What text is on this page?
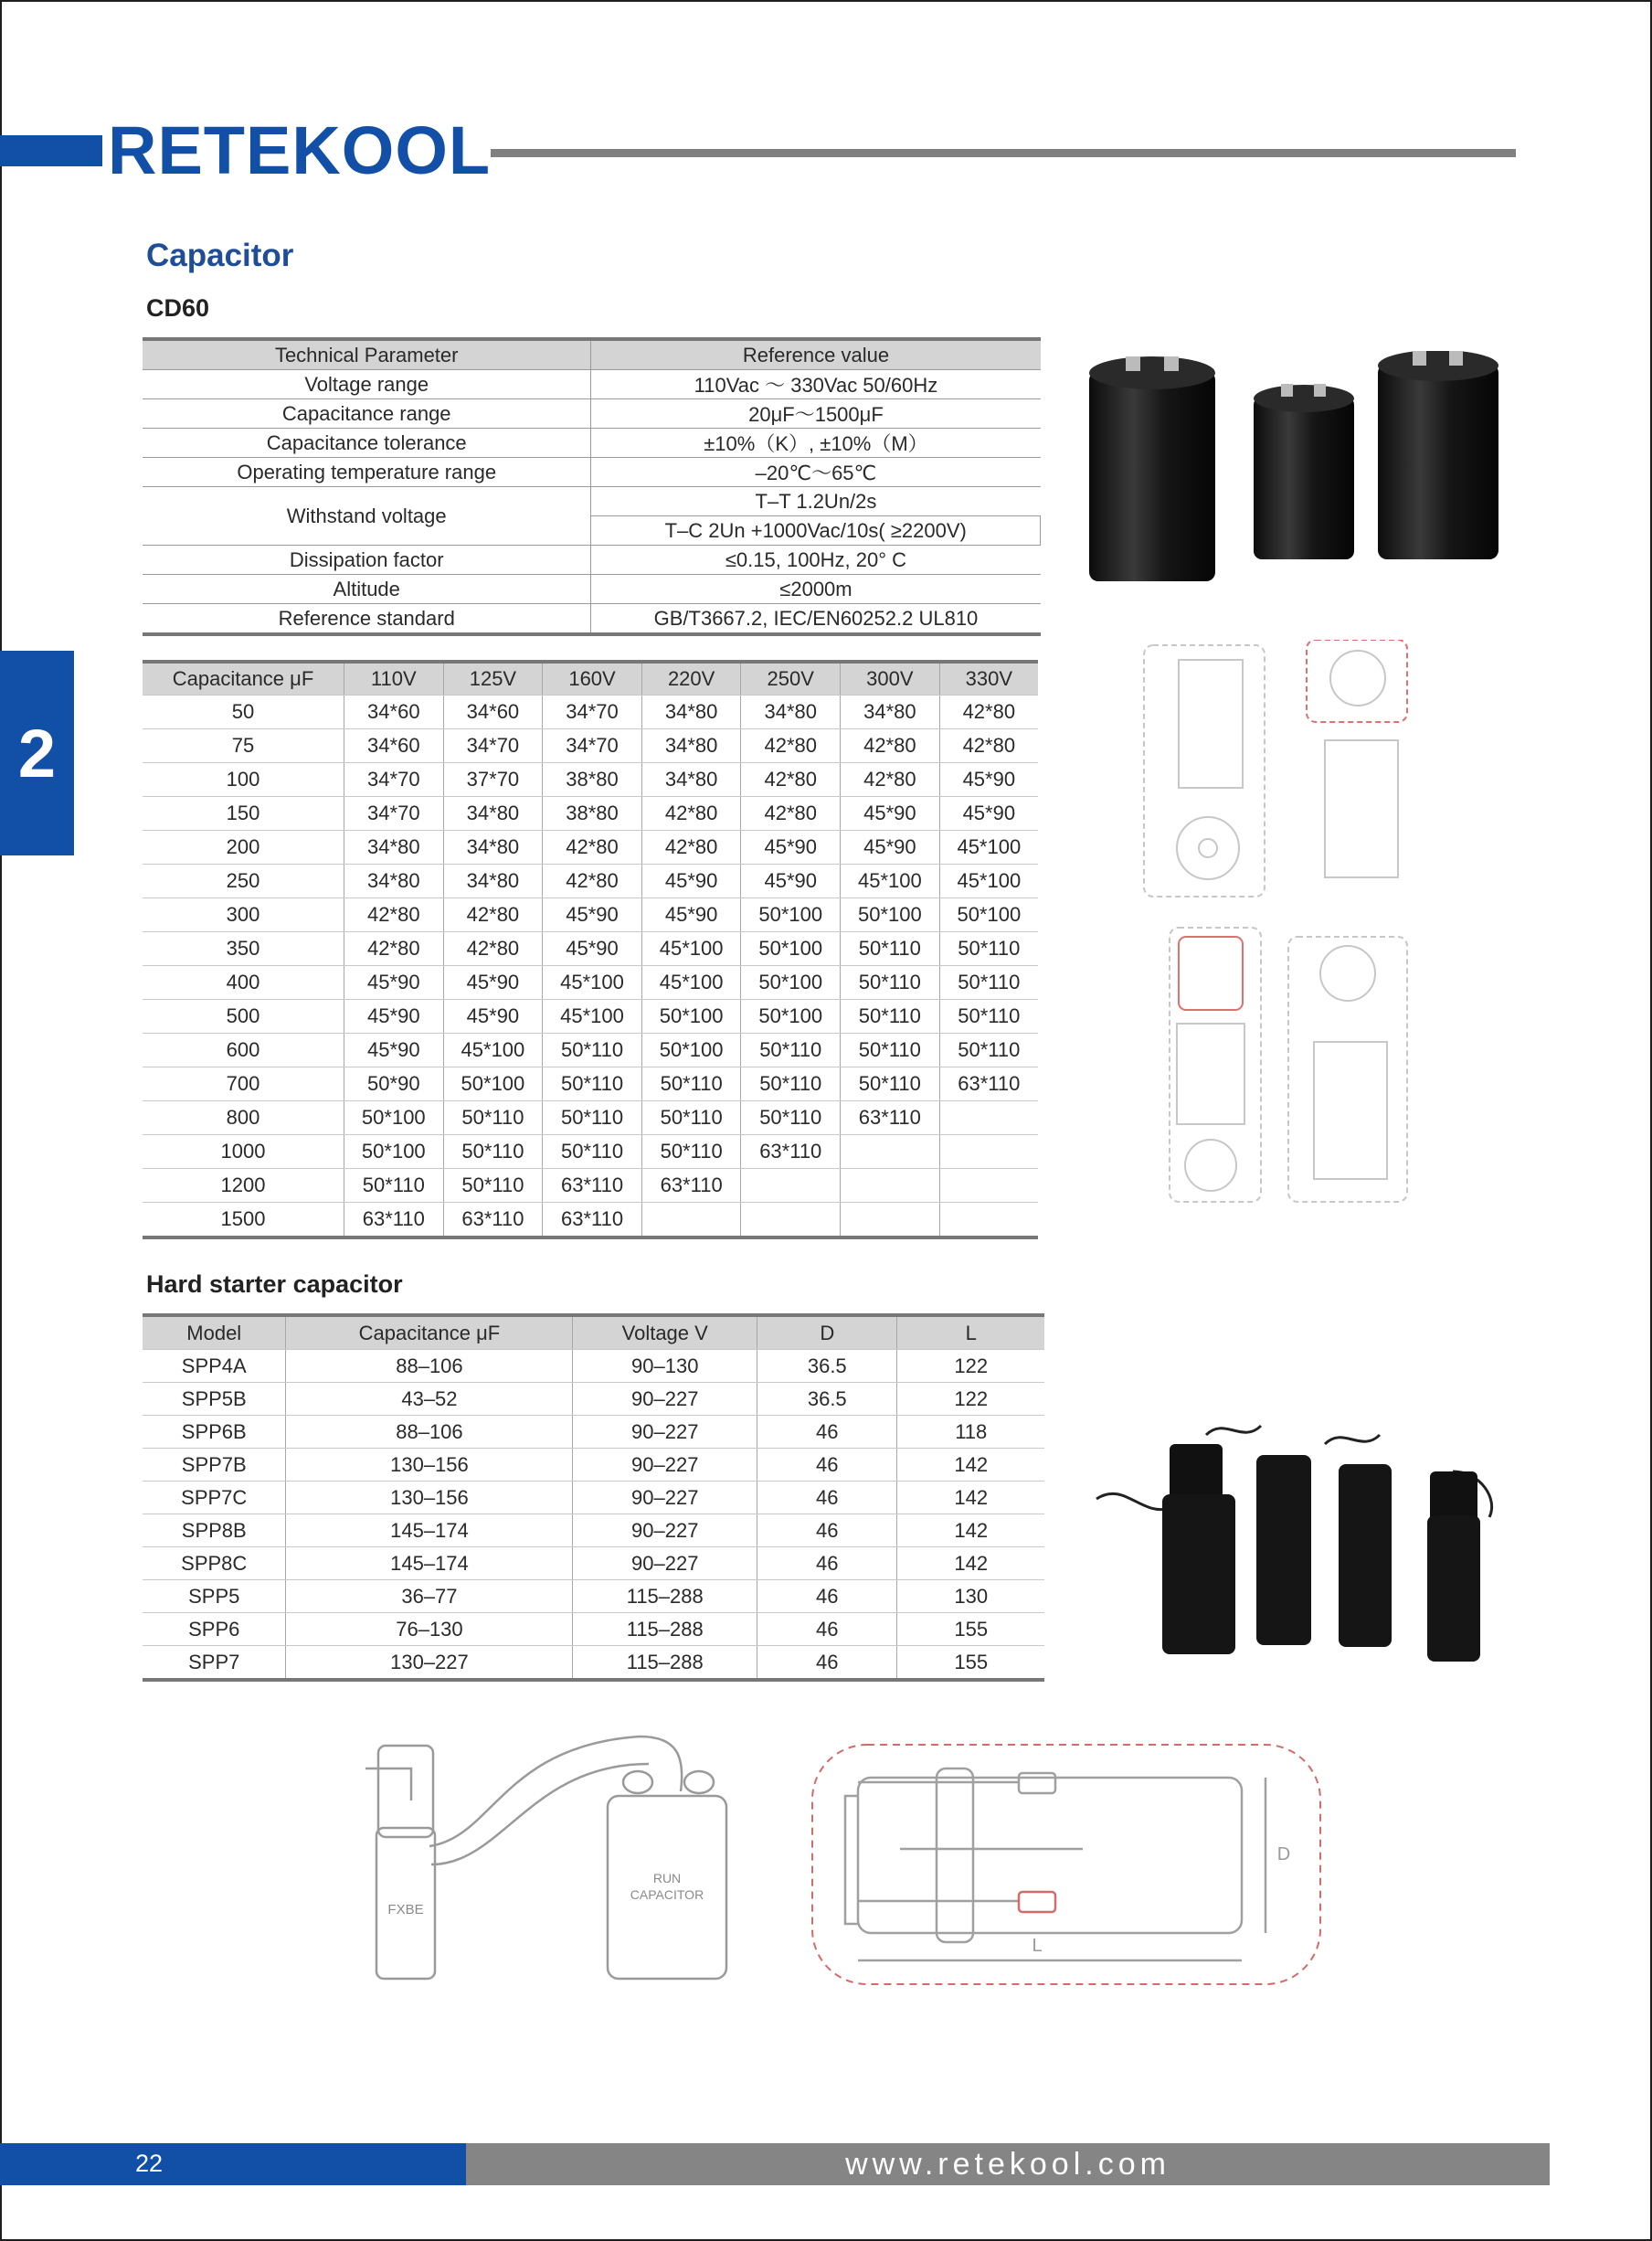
RETEKOOL
2
Capacitor
CD60
Technical Parameter	Reference value
Voltage range	110Vac ～ 330Vac 50/60Hz
Capacitance range	20μF～1500μF
Capacitance tolerance	±10%（K）, ±10%（M）
Operating temperature range	–20℃～65℃
Withstand voltage	T–T 1.2Un/2s
	T–C 2Un +1000Vac/10s( ≥2200V)
Dissipation factor	≤0.15, 100Hz, 20° C
Altitude	≤2000m
Reference standard	GB/T3667.2, IEC/EN60252.2 UL810
Capacitance μF	110V	125V	160V	220V	250V	300V	330V
50	34*60	34*60	34*70	34*80	34*80	34*80	42*80
75	34*60	34*70	34*70	34*80	42*80	42*80	42*80
100	34*70	37*70	38*80	34*80	42*80	42*80	45*90
150	34*70	34*80	38*80	42*80	42*80	45*90	45*90
200	34*80	34*80	42*80	42*80	45*90	45*90	45*100
250	34*80	34*80	42*80	45*90	45*90	45*100	45*100
300	42*80	42*80	45*90	45*90	50*100	50*100	50*100
350	42*80	42*80	45*90	45*100	50*100	50*110	50*110
400	45*90	45*90	45*100	45*100	50*100	50*110	50*110
500	45*90	45*90	45*100	50*100	50*100	50*110	50*110
600	45*90	45*100	50*110	50*100	50*110	50*110	50*110
700	50*90	50*100	50*110	50*110	50*110	50*110	63*110
800	50*100	50*110	50*110	50*110	50*110	63*110	
1000	50*100	50*110	50*110	50*110	63*110		
1200	50*110	50*110	63*110	63*110			
1500	63*110	63*110	63*110				
Hard starter capacitor
Model	Capacitance μF	Voltage V	D	L
SPP4A	88–106	90–130	36.5	122
SPP5B	43–52	90–227	36.5	122
SPP6B	88–106	90–227	46	118
SPP7B	130–156	90–227	46	142
SPP7C	130–156	90–227	46	142
SPP8B	145–174	90–227	46	142
SPP8C	145–174	90–227	46	142
SPP5	36–77	115–288	46	130
SPP6	76–130	115–288	46	155
SPP7	130–227	115–288	46	155
FXBE
RUN
CAPACITOR
D
L
22	www.retekool.com
